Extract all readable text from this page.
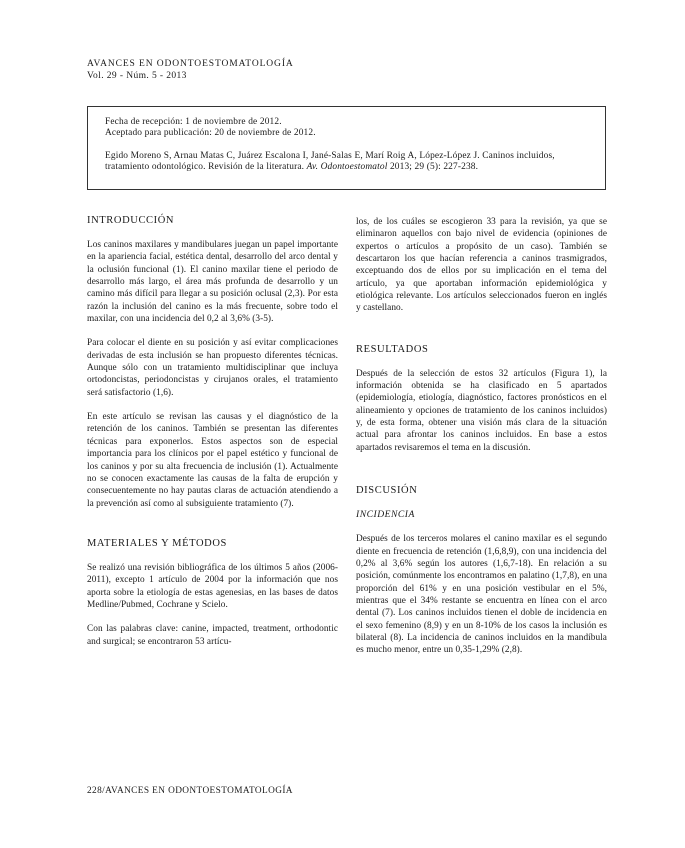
AVANCES EN ODONTOESTOMATOLOGÍA
Vol. 29 - Núm. 5 - 2013

Fecha de recepción: 1 de noviembre de 2012.

Aceptado para publicación: 20 de noviembre de 2012.

Egido Moreno S, Arnau Matas C, Juárez Escalona I, Jané-Salas E, Marí Roig A, López-López J. Caninos incluidos, tratamiento odontológico. Revisión de la literatura. Av. Odontoestomatol 2013; 29 (5): 227-238.

INTRODUCCIÓN

Los caninos maxilares y mandibulares juegan un papel importante en la apariencia facial, estética dental, desarrollo del arco dental y la oclusión funcional (1). El canino maxilar tiene el periodo de desarrollo más largo, el área más profunda de desarrollo y un camino más difícil para llegar a su posición oclusal (2,3). Por esta razón la inclusión del canino es la más frecuente, sobre todo el maxilar, con una incidencia del 0,2 al 3,6% (3-5).

Para colocar el diente en su posición y así evitar complicaciones derivadas de esta inclusión se han propuesto diferentes técnicas. Aunque sólo con un tratamiento multidisciplinar que incluya ortodoncistas, periodoncistas y cirujanos orales, el tratamiento será satisfactorio (1,6).

En este artículo se revisan las causas y el diagnóstico de la retención de los caninos. También se presentan las diferentes técnicas para exponerlos. Estos aspectos son de especial importancia para los clínicos por el papel estético y funcional de los caninos y por su alta frecuencia de inclusión (1). Actualmente no se conocen exactamente las causas de la falta de erupción y consecuentemente no hay pautas claras de actuación atendiendo a la prevención así como al subsiguiente tratamiento (7).

MATERIALES Y MÉTODOS

Se realizó una revisión bibliográfica de los últimos 5 años (2006-2011), excepto 1 artículo de 2004 por la información que nos aporta sobre la etiología de estas agenesias, en las bases de datos Medline/Pubmed, Cochrane y Scielo.

Con las palabras clave: canine, impacted, treatment, orthodontic and surgical; se encontraron 53 artícu-

los, de los cuáles se escogieron 33 para la revisión, ya que se eliminaron aquellos con bajo nivel de evidencia (opiniones de expertos o artículos a propósito de un caso). También se descartaron los que hacían referencia a caninos trasmigrados, exceptuando dos de ellos por su implicación en el tema del artículo, ya que aportaban información epidemiológica y etiológica relevante. Los artículos seleccionados fueron en inglés y castellano.

RESULTADOS

Después de la selección de estos 32 artículos (Figura 1), la información obtenida se ha clasificado en 5 apartados (epidemiología, etiología, diagnóstico, factores pronósticos en el alineamiento y opciones de tratamiento de los caninos incluidos) y, de esta forma, obtener una visión más clara de la situación actual para afrontar los caninos incluidos. En base a estos apartados revisaremos el tema en la discusión.

DISCUSIÓN
INCIDENCIA

Después de los terceros molares el canino maxilar es el segundo diente en frecuencia de retención (1,6,8,9), con una incidencia del 0,2% al 3,6% según los autores (1,6,7-18). En relación a su posición, comúnmente los encontramos en palatino (1,7,8), en una proporción del 61% y en una posición vestibular en el 5%, mientras que el 34% restante se encuentra en línea con el arco dental (7). Los caninos incluidos tienen el doble de incidencia en el sexo femenino (8,9) y en un 8-10% de los casos la inclusión es bilateral (8). La incidencia de caninos incluidos en la mandíbula es mucho menor, entre un 0,35-1,29% (2,8).

228/AVANCES EN ODONTOESTOMATOLOGÍA
